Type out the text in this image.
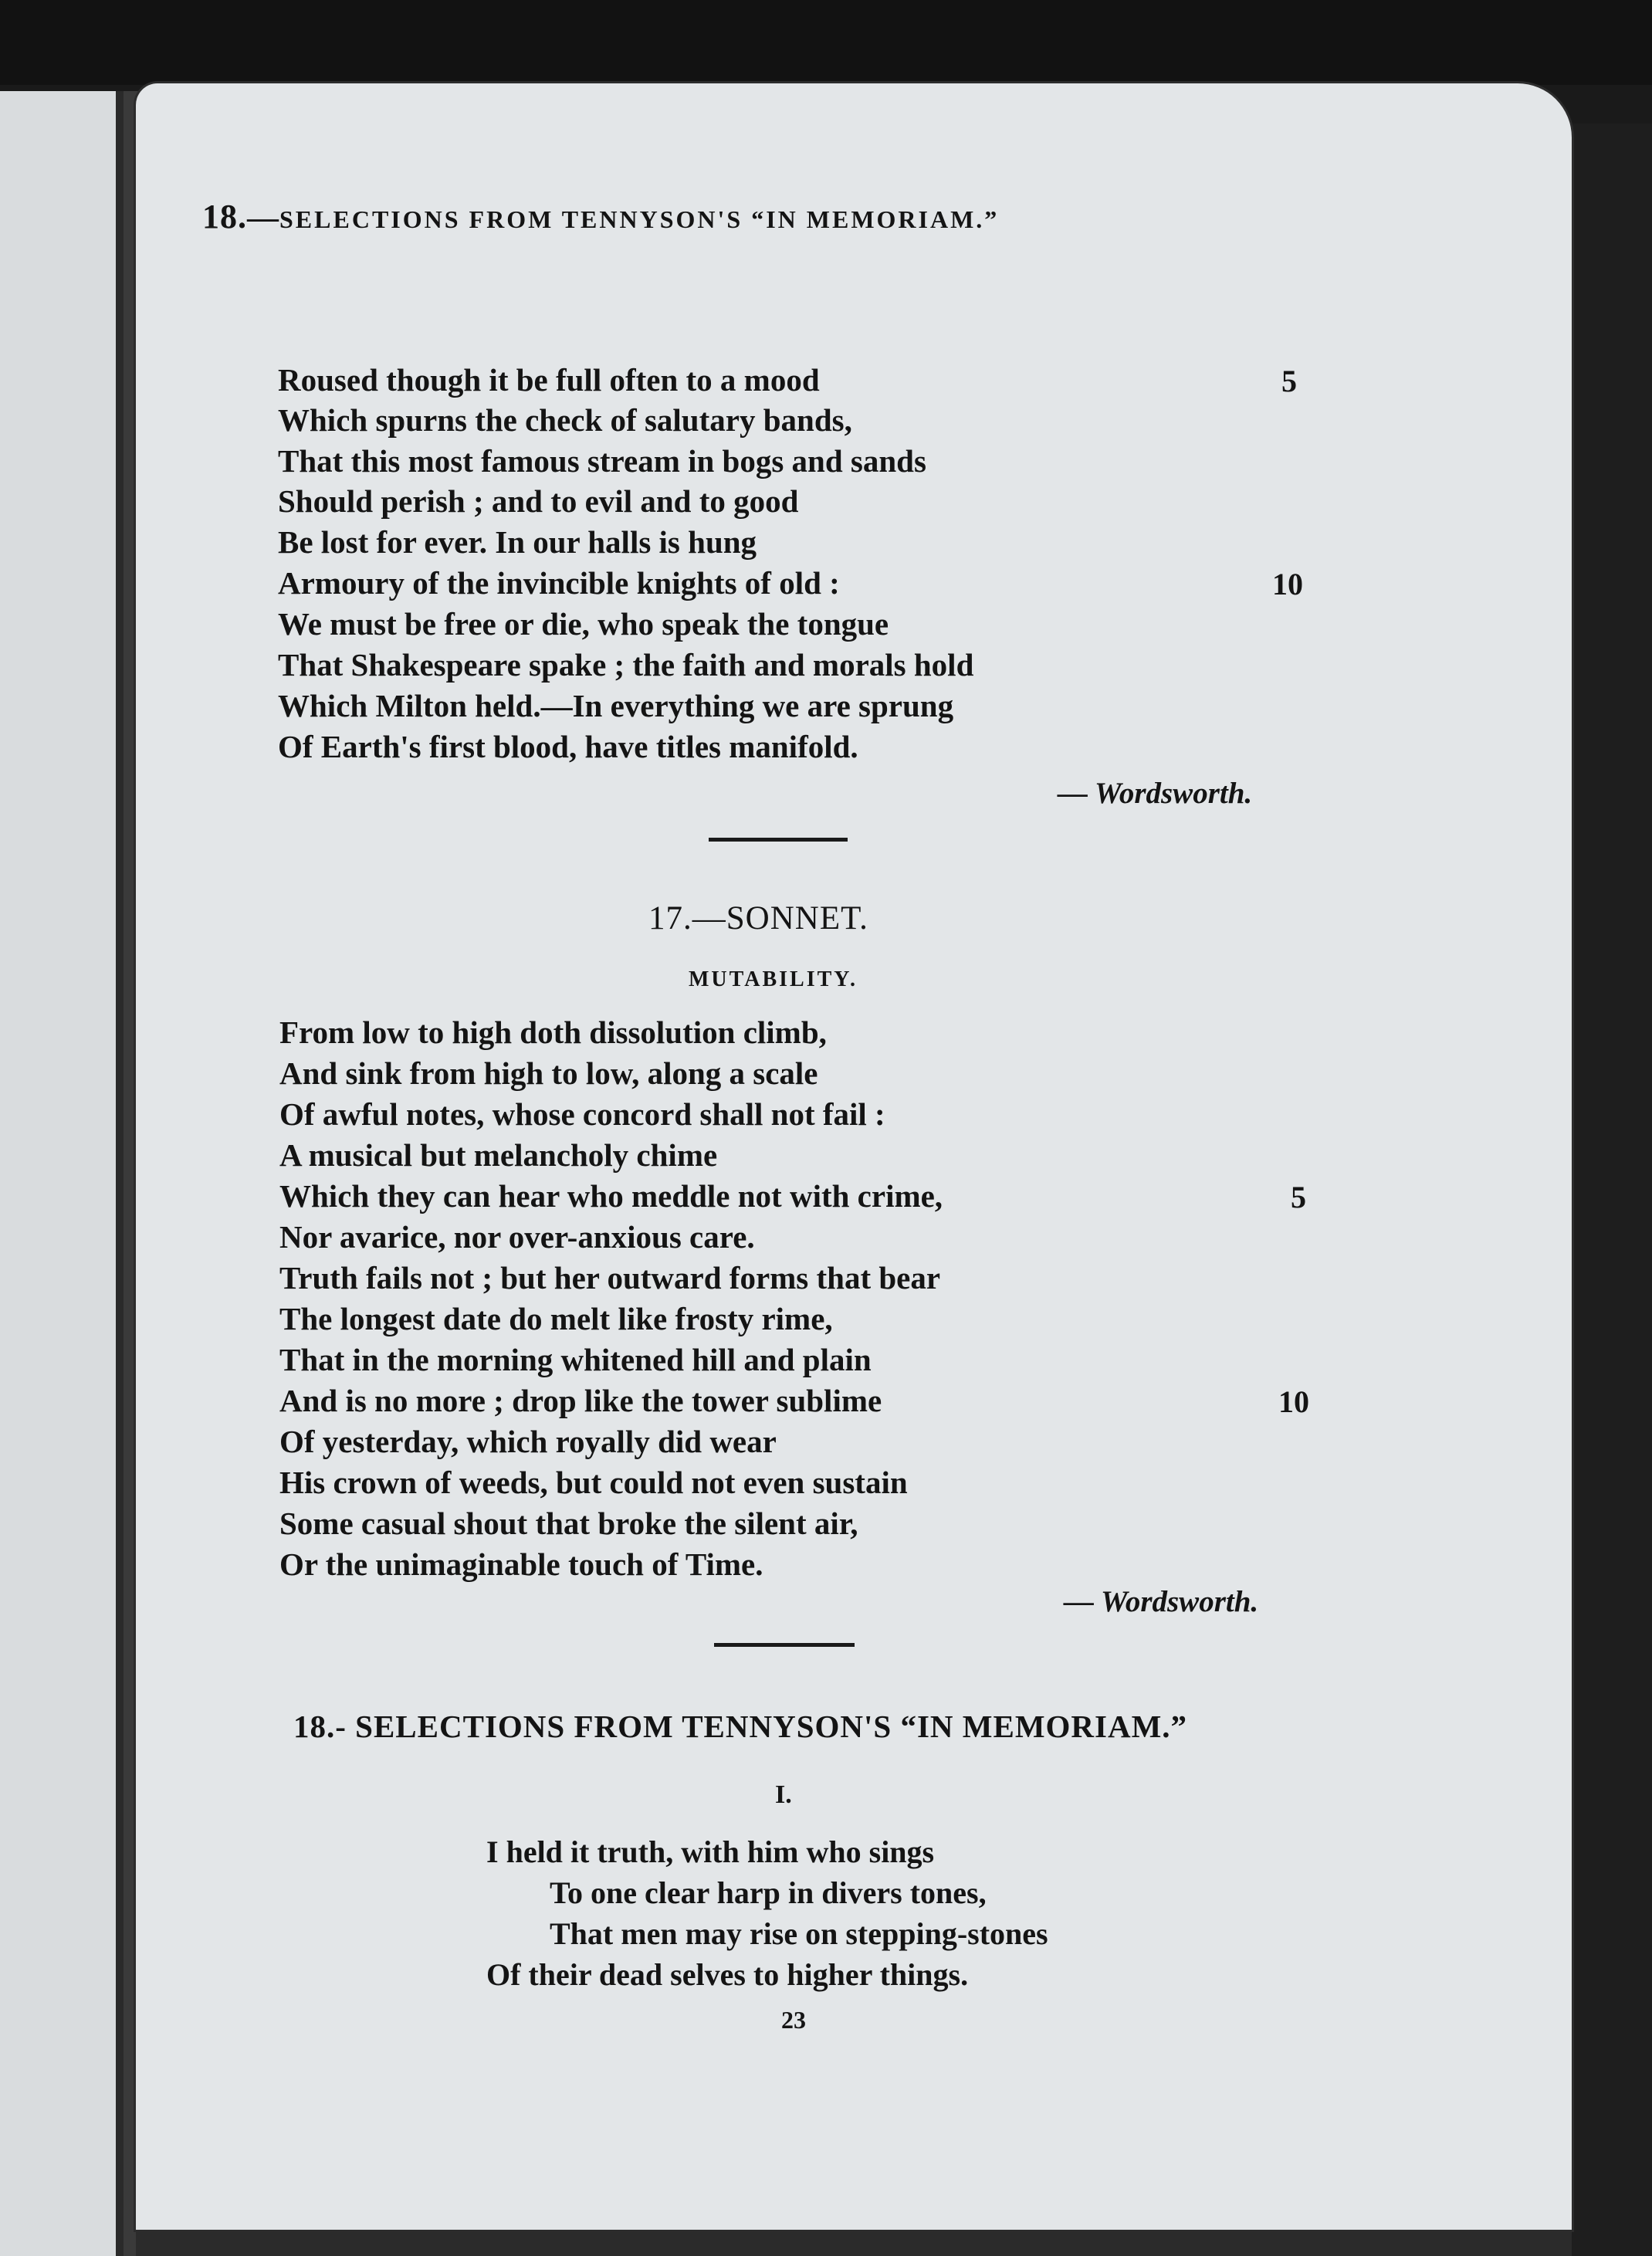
18.—SELECTIONS FROM TENNYSON'S “IN MEMORIAM.”
Roused though it be full often to a mood
Which spurns the check of salutary bands,
That this most famous stream in bogs and sands
Should perish ; and to evil and to good
Be lost for ever. In our halls is hung
Armoury of the invincible knights of old :
We must be free or die, who speak the tongue
That Shakespeare spake ; the faith and morals hold
Which Milton held.—In everything we are sprung
Of Earth's first blood, have titles manifold.
5
10
— Wordsworth.
17.—SONNET.
MUTABILITY.
From low to high doth dissolution climb,
And sink from high to low, along a scale
Of awful notes, whose concord shall not fail :
A musical but melancholy chime
Which they can hear who meddle not with crime,
Nor avarice, nor over-anxious care.
Truth fails not ; but her outward forms that bear
The longest date do melt like frosty rime,
That in the morning whitened hill and plain
And is no more ; drop like the tower sublime
Of yesterday, which royally did wear
His crown of weeds, but could not even sustain
Some casual shout that broke the silent air,
Or the unimaginable touch of Time.
5
10
— Wordsworth.
18.- SELECTIONS FROM TENNYSON'S “IN MEMORIAM.”
I.
I held it truth, with him who sings
To one clear harp in divers tones,
That men may rise on stepping-stones
Of their dead selves to higher things.
23
